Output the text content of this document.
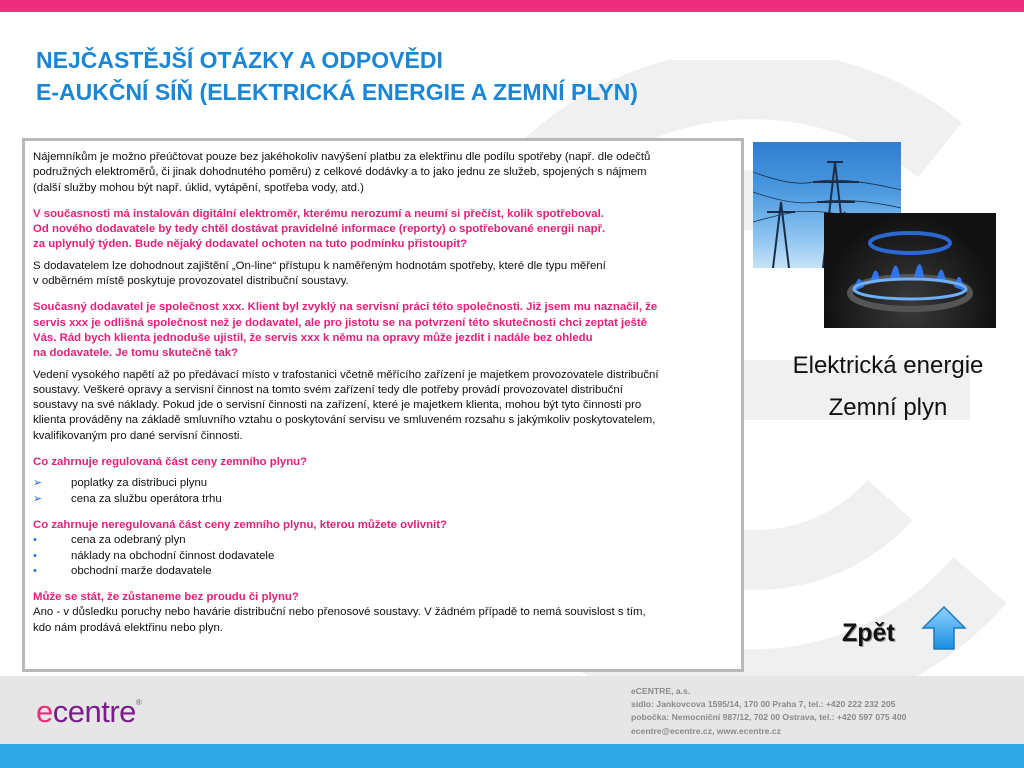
NEJČASTĚJŠÍ OTÁZKY A ODPOVĚDI
E-AUKČNÍ SÍŇ (ELEKTRICKÁ ENERGIE A ZEMNÍ PLYN)

Nájemníkům je možno přeúčtovat pouze bez jakéhokoliv navýšení platbu za elektřinu dle podílu spotřeby (např. dle odečtů
podružných elektroměrů, či jinak dohodnutého poměru) z celkové dodávky a to jako jednu ze služeb, spojených s nájmem
(další služby mohou být např. úklid, vytápění, spotřeba vody, atd.)

V současnosti má instalován digitální elektroměr, kterému nerozumí a neumí si přečíst, kolik spotřeboval.
Od nového dodavatele by tedy chtěl dostávat pravidelné informace (reporty) o spotřebované energii např.
za uplynulý týden. Bude nějaký dodavatel ochoten na tuto podmínku přistoupit?

S dodavatelem lze dohodnout zajištění „On-line“ přístupu k naměřeným hodnotám spotřeby, které dle typu měření
v odběrném místě poskytuje provozovatel distribuční soustavy.

Současný dodavatel je společnost xxx. Klient byl zvyklý na servisní práci této společnosti. Již jsem mu naznačil, že
servis xxx je odlišná společnost než je dodavatel, ale pro jistotu se na potvrzení této skutečnosti chci zeptat ještě
Vás. Rád bych klienta jednoduše ujistil, že servis xxx k němu na opravy může jezdit i nadále bez ohledu
na dodavatele. Je tomu skutečně tak?

Vedení vysokého napětí až po předávací místo v trafostanici včetně měřícího zařízení je majetkem provozovatele distribuční
soustavy. Veškeré opravy a servisní činnost na tomto svém zařízení tedy dle potřeby provádí provozovatel distribuční
soustavy na své náklady. Pokud jde o servisní činnosti na zařízení, které je majetkem klienta, mohou být tyto činnosti pro
klienta prováděny na základě smluvního vztahu o poskytování servisu ve smluveném rozsahu s jakýmkoliv poskytovatelem,
kvalifikovaným pro dané servisní činnosti.

Co zahrnuje regulovaná část ceny zemního plynu?

➢	poplatky za distribuci plynu
➢	cena za službu operátora trhu

Co zahrnuje neregulovaná část ceny zemního plynu, kterou můžete ovlivnit?

•	cena za odebraný plyn
•	náklady na obchodní činnost dodavatele
•	obchodní marže dodavatele

Může se stát, že zůstaneme bez proudu či plynu?

Ano - v důsledku poruchy nebo havárie distribuční nebo přenosové soustavy. V žádném případě to nemá souvislost s tím,
kdo nám prodává elektřinu nebo plyn.

Elektrická energie
Zemní plyn
Zpět
ecentre®
eCENTRE, a.s.
sídlo: Jankovcova 1595/14, 170 00 Praha 7, tel.: +420 222 232 205
pobočka: Nemocniční 987/12, 702 00 Ostrava, tel.: +420 597 075 400
ecentre@ecentre.cz, www.ecentre.cz
